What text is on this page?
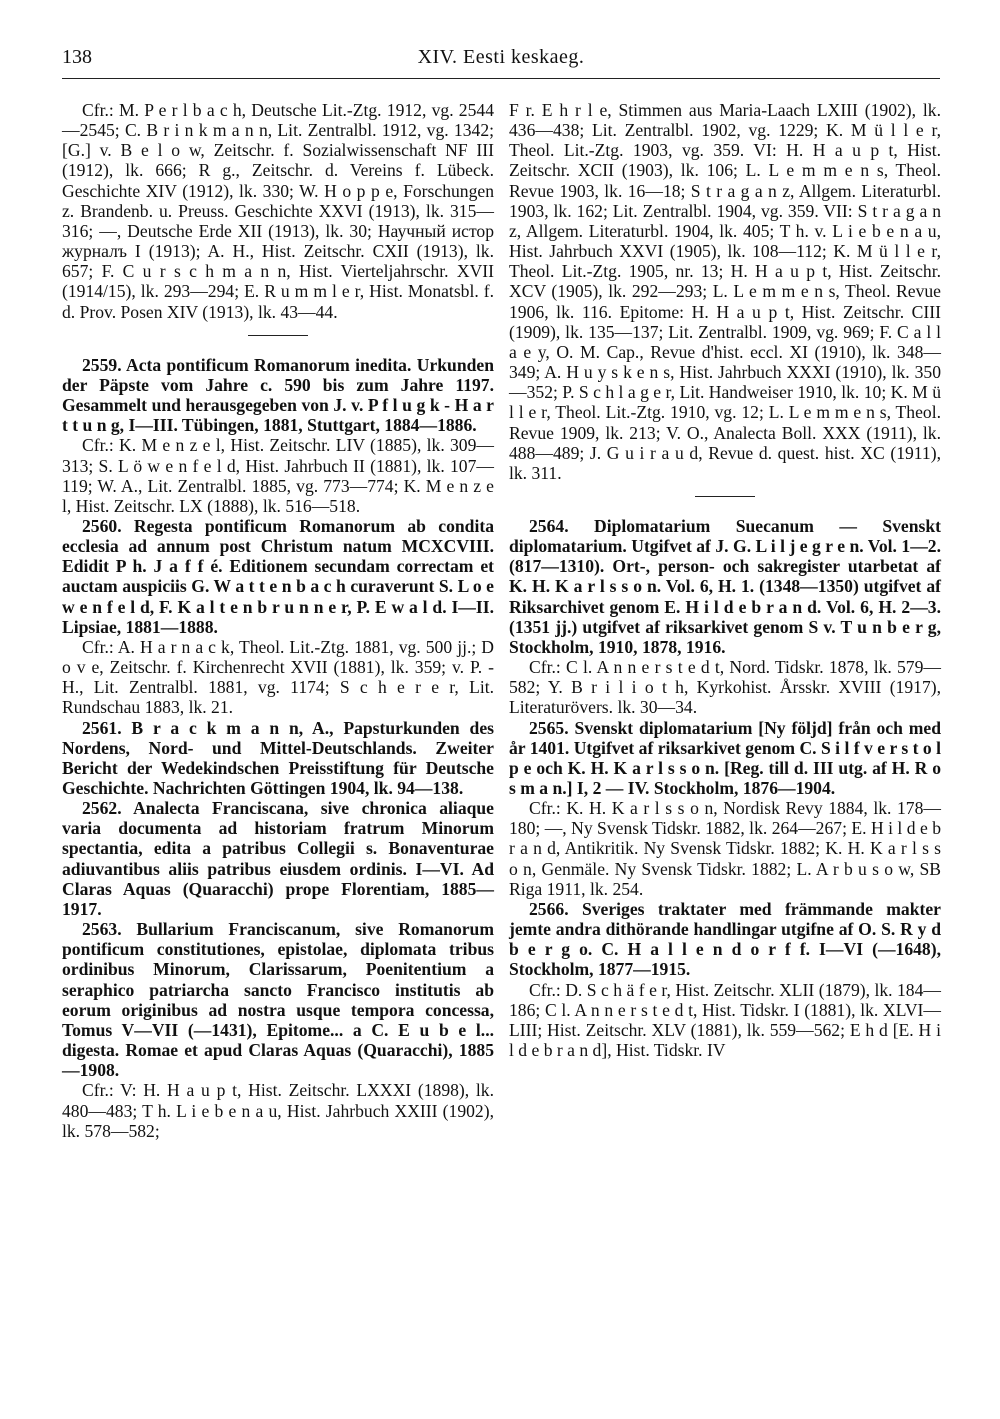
138	XIV. Eesti keskaeg.

Cfr.: M. P e r l b a c h, Deutsche Lit.-Ztg. 1912, vg. 2544—2545; C. B r i n k m a n n, Lit. Zentralbl. 1912, vg. 1342; [G.] v. B e l o w, Zeitschr. f. Sozialwissenschaft NF III (1912), lk. 666; R g., Zeitschr. d. Vereins f. Lübeck. Geschichte XIV (1912), lk. 330; W. H o p p e, Forschungen z. Brandenb. u. Preuss. Geschichte XXVI (1913), lk. 315—316; —, Deutsche Erde XII (1913), lk. 30; Научный истор журналъ I (1913); A. H., Hist. Zeitschr. CXII (1913), lk. 657; F. C u r s c h m a n n, Hist. Vierteljahrschr. XVII (1914/15), lk. 293—294; E. R u m m l e r, Hist. Monatsbl. f. d. Prov. Posen XIV (1913), lk. 43—44.

2559. Acta pontificum Romanorum inedita. Urkunden der Päpste vom Jahre c. 590 bis zum Jahre 1197. Gesammelt und herausgegeben von J. v. P f l u g k - H a r t t u n g, I—III. Tübingen, 1881, Stuttgart, 1884—1886.

Cfr.: K. M e n z e l, Hist. Zeitschr. LIV (1885), lk. 309—313; S. L ö w e n f e l d, Hist. Jahrbuch II (1881), lk. 107—119; W. A., Lit. Zentralbl. 1885, vg. 773—774; K. M e n z e l, Hist. Zeitschr. LX (1888), lk. 516—518.

2560. Regesta pontificum Romanorum ab condita ecclesia ad annum post Christum natum MCXCVIII. Edidit P h. J a f f é. Editionem secundam correctam et auctam auspiciis G. W a t t e n b a c h curaverunt S. L o e w e n f e l d, F. K a l t e n b r u n n e r, P. E w a l d. I—II. Lipsiae, 1881—1888.

Cfr.: A. H a r n a c k, Theol. Lit.-Ztg. 1881, vg. 500 jj.; D o v e, Zeitschr. f. Kirchenrecht XVII (1881), lk. 359; v. P. - H., Lit. Zentralbl. 1881, vg. 1174; S c h e r e r, Lit. Rundschau 1883, lk. 21.

2561. B r a c k m a n n, A., Papsturkunden des Nordens, Nord- und Mittel-Deutschlands. Zweiter Bericht der Wedekindschen Preisstiftung für Deutsche Geschichte. Nachrichten Göttingen 1904, lk. 94—138.

2562. Analecta Franciscana, sive chronica aliaque varia documenta ad historiam fratrum Minorum spectantia, edita a patribus Collegii s. Bonaventurae adiuvantibus aliis patribus eiusdem ordinis. I—VI. Ad Claras Aquas (Quaracchi) prope Florentiam, 1885—1917.

2563. Bullarium Franciscanum, sive Romanorum pontificum constitutiones, epistolae, diplomata tribus ordinibus Minorum, Clarissarum, Poenitentium a seraphico patriarcha sancto Francisco institutis ab eorum originibus ad nostra usque tempora concessa, Tomus V—VII (—1431), Epitome... a C. E u b e l... digesta. Romae et apud Claras Aquas (Quaracchi), 1885—1908.

Cfr.: V: H. H a u p t, Hist. Zeitschr. LXXXI (1898), lk. 480—483; T h. L i e b e n a u, Hist. Jahrbuch XXIII (1902), lk. 578—582;

F r. E h r l e, Stimmen aus Maria-Laach LXIII (1902), lk. 436—438; Lit. Zentralbl. 1902, vg. 1229; K. M ü l l e r, Theol. Lit.-Ztg. 1903, vg. 359. VI: H. H a u p t, Hist. Zeitschr. XCII (1903), lk. 106; L. L e m m e n s, Theol. Revue 1903, lk. 16—18; S t r a g a n z, Allgem. Literaturbl. 1903, lk. 162; Lit. Zentralbl. 1904, vg. 359. VII: S t r a g a n z, Allgem. Literaturbl. 1904, lk. 405; T h. v. L i e b e n a u, Hist. Jahrbuch XXVI (1905), lk. 108—112; K. M ü l l e r, Theol. Lit.-Ztg. 1905, nr. 13; H. H a u p t, Hist. Zeitschr. XCV (1905), lk. 292—293; L. L e m m e n s, Theol. Revue 1906, lk. 116. Epitome: H. H a u p t, Hist. Zeitschr. CIII (1909), lk. 135—137; Lit. Zentralbl. 1909, vg. 969; F. C a l l a e y, O. M. Cap., Revue d'hist. eccl. XI (1910), lk. 348—349; A. H u y s k e n s, Hist. Jahrbuch XXXI (1910), lk. 350—352; P. S c h l a g e r, Lit. Handweiser 1910, lk. 10; K. M ü l l e r, Theol. Lit.-Ztg. 1910, vg. 12; L. L e m m e n s, Theol. Revue 1909, lk. 213; V. O., Analecta Boll. XXX (1911), lk. 488—489; J. G u i r a u d, Revue d. quest. hist. XC (1911), lk. 311.

2564. Diplomatarium Suecanum — Svenskt diplomatarium. Utgifvet af J. G. L i l j e g r e n. Vol. 1—2. (817—1310). Ort-, person- och sakregister utarbetat af K. H. K a r l s s o n. Vol. 6, H. 1. (1348—1350) utgifvet af Riksarchivet genom E. H i l d e b r a n d. Vol. 6, H. 2—3. (1351 jj.) utgifvet af riksarkivet genom S v. T u n b e r g, Stockholm, 1910, 1878, 1916.

Cfr.: C l. A n n e r s t e d t, Nord. Tidskr. 1878, lk. 579—582; Y. B r i l i o t h, Kyrkohist. Årsskr. XVIII (1917), Literaturövers. lk. 30—34.

2565. Svenskt diplomatarium [Ny följd] från och med år 1401. Utgifvet af riksarkivet genom C. S i l f v e r s t o l p e och K. H. K a r l s s o n. [Reg. till d. III utg. af H. R o s m a n.] I, 2 — IV. Stockholm, 1876—1904.

Cfr.: K. H. K a r l s s o n, Nordisk Revy 1884, lk. 178—180; —, Ny Svensk Tidskr. 1882, lk. 264—267; E. H i l d e b r a n d, Antikritik. Ny Svensk Tidskr. 1882; K. H. K a r l s s o n, Genmäle. Ny Svensk Tidskr. 1882; L. A r b u s o w, SB Riga 1911, lk. 254.

2566. Sveriges traktater med främmande makter jemte andra dithörande handlingar utgifne af O. S. R y d b e r g o. C. H a l l e n d o r f f. I—VI (—1648), Stockholm, 1877—1915.

Cfr.: D. S c h ä f e r, Hist. Zeitschr. XLII (1879), lk. 184—186; C l. A n n e r s t e d t, Hist. Tidskr. I (1881), lk. XLVI—LIII; Hist. Zeitschr. XLV (1881), lk. 559—562; E h d [E. H i l d e b r a n d], Hist. Tidskr. IV
